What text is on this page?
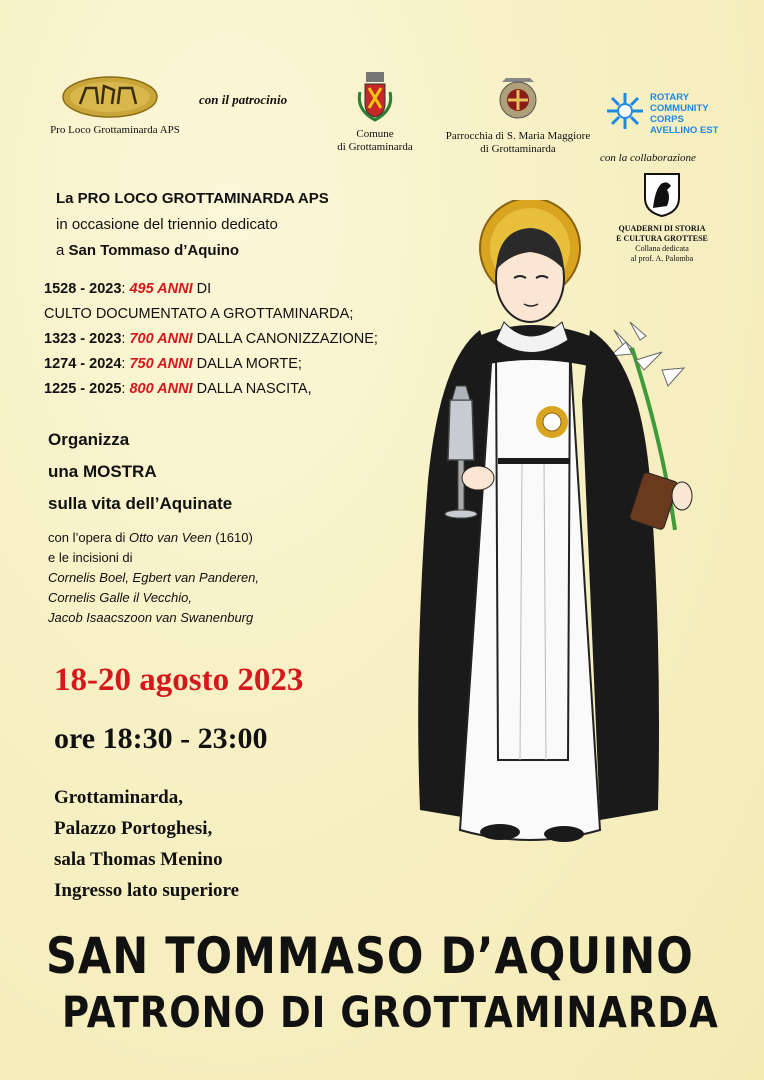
Pro Loco Grottaminarda APS
con il patrocinio
Comune
di Grottaminarda
Parrocchia di S. Maria Maggiore
di Grottaminarda
ROTARY
COMMUNITY
CORPS
AVELLINO EST
con la collaborazione
QUADERNI DI STORIA
E CULTURA GROTTESE
Collana dedicata
al prof. A. Palomba
La PRO LOCO GROTTAMINARDA APS
in occasione del triennio dedicato
a San Tommaso d’Aquino
1528 - 2023: 495 ANNI DI
CULTO DOCUMENTATO A GROTTAMINARDA;
1323 - 2023: 700 ANNI DALLA CANONIZZAZIONE;
1274 - 2024: 750 ANNI DALLA MORTE;
1225 - 2025: 800 ANNI DALLA NASCITA,
Organizza
una MOSTRA
sulla vita dell’Aquinate
con l’opera di Otto van Veen (1610)
e le incisioni di
Cornelis Boel, Egbert van Panderen,
Cornelis Galle il Vecchio,
Jacob Isaacszoon van Swanenburg
18-20 agosto 2023
ore 18:30 - 23:00
Grottaminarda,
Palazzo Portoghesi,
sala Thomas Menino
Ingresso lato superiore
SAN TOMMASO D’AQUINO
PATRONO DI GROTTAMINARDA
